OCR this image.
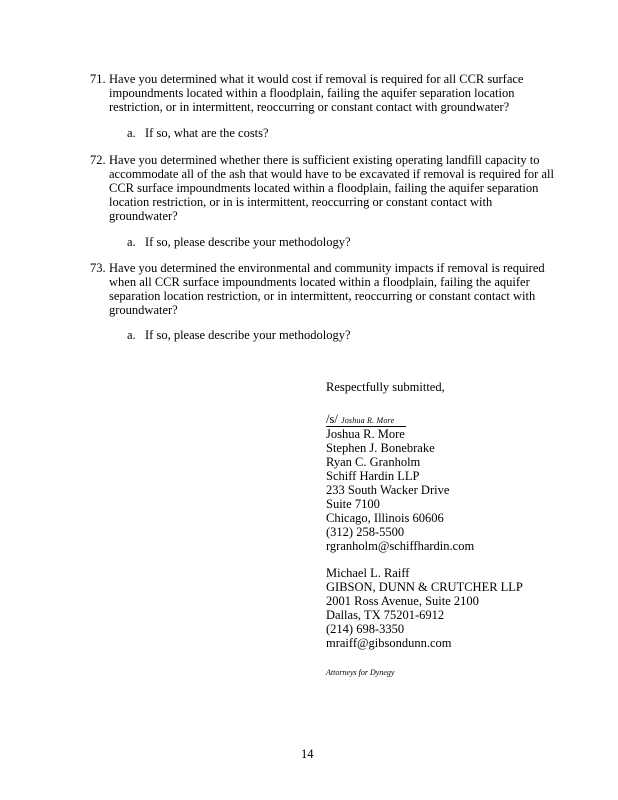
71. Have you determined what it would cost if removal is required for all CCR surface
impoundments located within a floodplain, failing the aquifer separation location
restriction, or in intermittent, reoccurring or constant contact with groundwater?
a. If so, what are the costs?
72. Have you determined whether there is sufficient existing operating landfill capacity to
accommodate all of the ash that would have to be excavated if removal is required for all
CCR surface impoundments located within a floodplain, failing the aquifer separation
location restriction, or in is intermittent, reoccurring or constant contact with
groundwater?
a. If so, please describe your methodology?
73. Have you determined the environmental and community impacts if removal is required
when all CCR surface impoundments located within a floodplain, failing the aquifer
separation location restriction, or in intermittent, reoccurring or constant contact with
groundwater?
a. If so, please describe your methodology?
Respectfully submitted,
/s/ Joshua R. More
Joshua R. More
Stephen J. Bonebrake
Ryan C. Granholm
Schiff Hardin LLP
233 South Wacker Drive
Suite 7100
Chicago, Illinois 60606
(312) 258-5500
rgranholm@schiffhardin.com
Michael L. Raiff
GIBSON, DUNN & CRUTCHER LLP
2001 Ross Avenue, Suite 2100
Dallas, TX 75201-6912
(214) 698-3350
mraiff@gibsondunn.com
Attorneys for Dynegy
14
